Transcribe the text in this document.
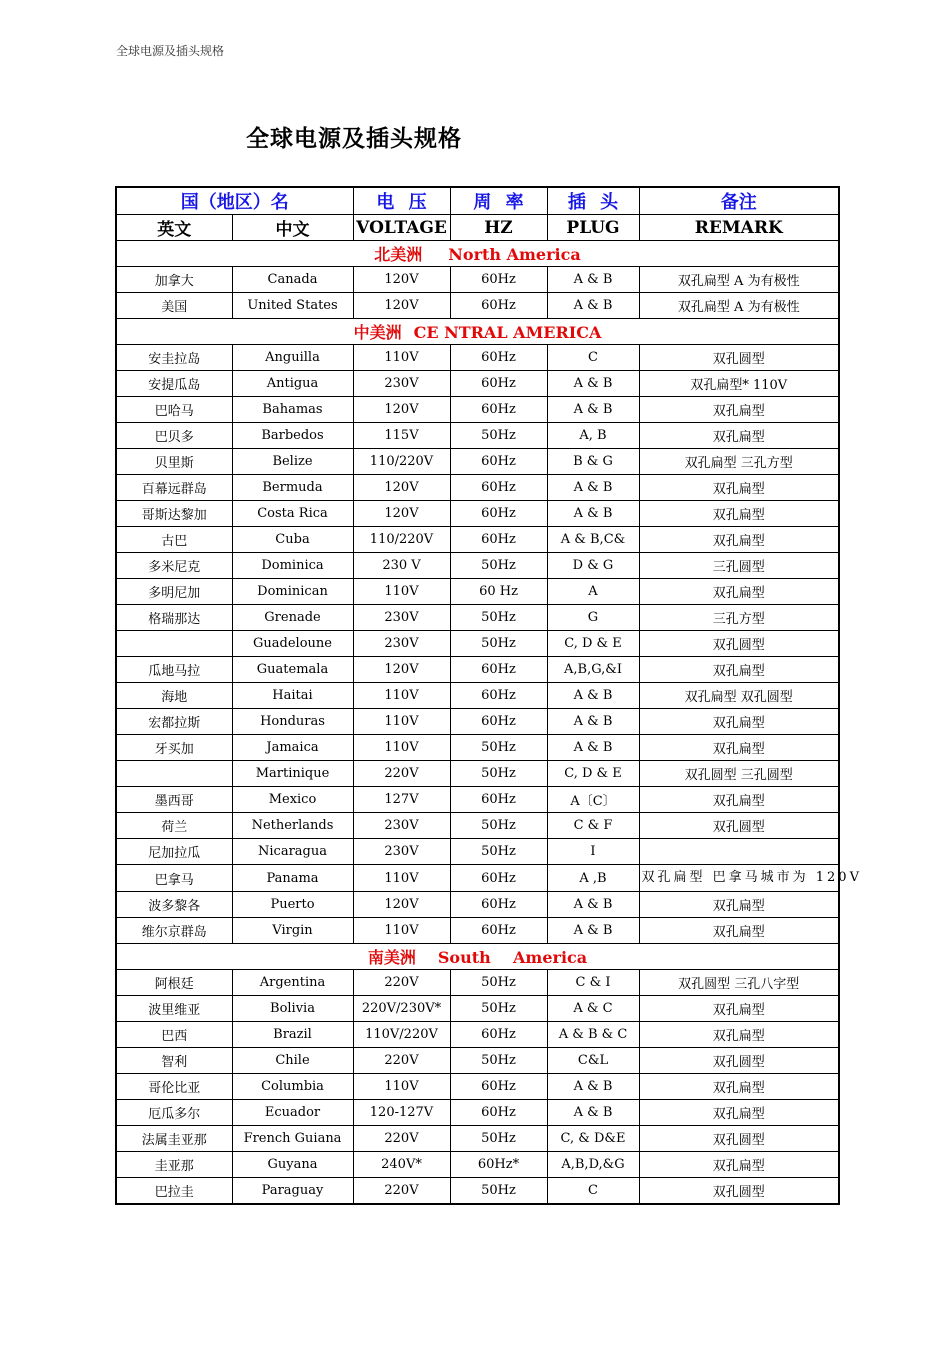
全球电源及插头规格
全球电源及插头规格
国（地区）名		电 压	周 率	插 头	备注
英文	中文	VOLTAGE	HZ	PLUG	REMARK
北美洲 North America					
加拿大	Canada	120V	60Hz	A & B	双孔扁型 A 为有极性
美国	United States	120V	60Hz	A & B	双孔扁型 A 为有极性
中美洲 CE NTRAL AMERICA					
安圭拉岛	Anguilla	110V	60Hz	C	双孔圆型
安提瓜岛	Antigua	230V	60Hz	A & B	双孔扁型* 110V
巴哈马	Bahamas	120V	60Hz	A & B	双孔扁型
巴贝多	Barbedos	115V	50Hz	A, B	双孔扁型
贝里斯	Belize	110/220V	60Hz	B & G	双孔扁型 三孔方型
百幕远群岛	Bermuda	120V	60Hz	A & B	双孔扁型
哥斯达黎加	Costa Rica	120V	60Hz	A & B	双孔扁型
古巴	Cuba	110/220V	60Hz	A & B,C&	双孔扁型
多米尼克	Dominica	230 V	50Hz	D & G	三孔圆型
多明尼加	Dominican	110V	60 Hz	A	双孔扁型
格瑞那达	Grenade	230V	50Hz	G	三孔方型
	Guadeloune	230V	50Hz	C, D & E	双孔圆型
瓜地马拉	Guatemala	120V	60Hz	A,B,G,&I	双孔扁型
海地	Haitai	110V	60Hz	A & B	双孔扁型 双孔圆型
宏都拉斯	Honduras	110V	60Hz	A & B	双孔扁型
牙买加	Jamaica	110V	50Hz	A & B	双孔扁型
	Martinique	220V	50Hz	C, D & E	双孔圆型 三孔圆型
墨西哥	Mexico	127V	60Hz	A〔C〕	双孔扁型
荷兰	Netherlands	230V	50Hz	C & F	双孔圆型
尼加拉瓜	Nicaragua	230V	50Hz	I	
巴拿马	Panama	110V	60Hz	A ,B	双孔扁型 巴拿马城市为 120V
波多黎各	Puerto	120V	60Hz	A & B	双孔扁型
维尔京群岛	Virgin	110V	60Hz	A & B	双孔扁型
南美洲 South    America					
阿根廷	Argentina	220V	50Hz	C & I	双孔圆型 三孔八字型
波里维亚	Bolivia	220V/230V*	50Hz	A & C	双孔扁型
巴西	Brazil	110V/220V	60Hz	A & B & C	双孔扁型
智利	Chile	220V	50Hz	C&L	双孔圆型
哥伦比亚	Columbia	110V	60Hz	A & B	双孔扁型
厄瓜多尔	Ecuador	120-127V	60Hz	A & B	双孔扁型
法属圭亚那	French Guiana	220V	50Hz	C, & D&E	双孔圆型
圭亚那	Guyana	240V*	60Hz*	A,B,D,&G	双孔扁型
巴拉圭	Paraguay	220V	50Hz	C	双孔圆型
